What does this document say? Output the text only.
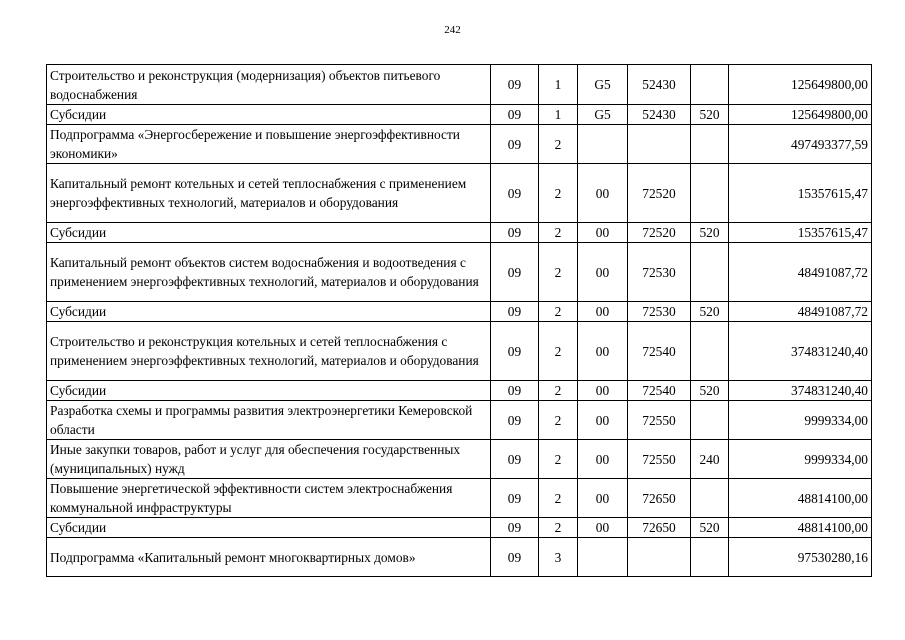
242
Строительство и реконструкция (модернизация) объектов питьевого водоснабжения	09	1	G5	52430		125649800,00
Субсидии	09	1	G5	52430	520	125649800,00
Подпрограмма «Энергосбережение и повышение энергоэффективности экономики»	09	2				497493377,59
Капитальный ремонт котельных и сетей теплоснабжения с применением энергоэффективных технологий, материалов и оборудования	09	2	00	72520		15357615,47
Субсидии	09	2	00	72520	520	15357615,47
Капитальный ремонт объектов систем водоснабжения и водоотведения с применением энергоэффективных технологий, материалов и оборудования	09	2	00	72530		48491087,72
Субсидии	09	2	00	72530	520	48491087,72
Строительство и реконструкция котельных и сетей теплоснабжения с применением энергоэффективных технологий, материалов и оборудования	09	2	00	72540		374831240,40
Субсидии	09	2	00	72540	520	374831240,40
Разработка схемы и программы развития электроэнергетики Кемеровской области	09	2	00	72550		9999334,00
Иные закупки товаров, работ и услуг для обеспечения государственных (муниципальных) нужд	09	2	00	72550	240	9999334,00
Повышение энергетической эффективности систем электроснабжения коммунальной инфраструктуры	09	2	00	72650		48814100,00
Субсидии	09	2	00	72650	520	48814100,00
Подпрограмма «Капитальный ремонт многоквартирных домов»	09	3				97530280,16
